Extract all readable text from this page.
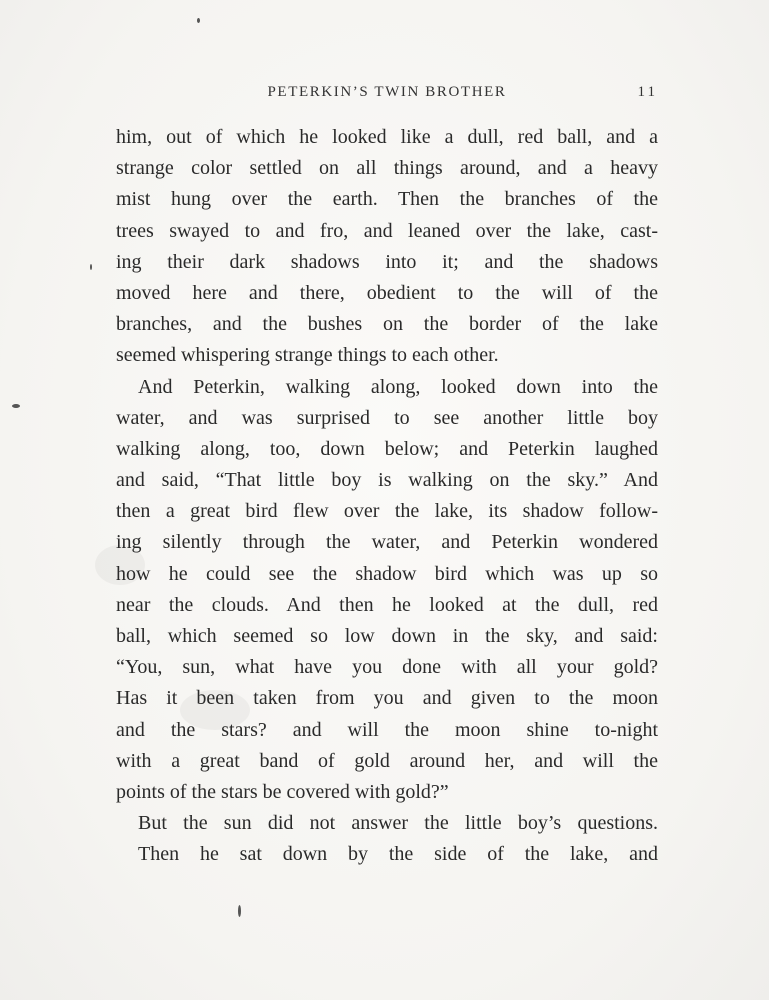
PETERKIN’S TWIN BROTHER	11
him, out of which he looked like a dull, red ball, and a
strange color settled on all things around, and a heavy
mist hung over the earth. Then the branches of the
trees swayed to and fro, and leaned over the lake, cast-
ing their dark shadows into it; and the shadows
moved here and there, obedient to the will of the
branches, and the bushes on the border of the lake
seemed whispering strange things to each other.
And Peterkin, walking along, looked down into the
water, and was surprised to see another little boy
walking along, too, down below; and Peterkin laughed
and said, “That little boy is walking on the sky.” And
then a great bird flew over the lake, its shadow follow-
ing silently through the water, and Peterkin wondered
how he could see the shadow bird which was up so
near the clouds. And then he looked at the dull, red
ball, which seemed so low down in the sky, and said:
“You, sun, what have you done with all your gold?
Has it been taken from you and given to the moon
and the stars? and will the moon shine to-night
with a great band of gold around her, and will the
points of the stars be covered with gold?”
But the sun did not answer the little boy’s questions.
Then he sat down by the side of the lake, and
